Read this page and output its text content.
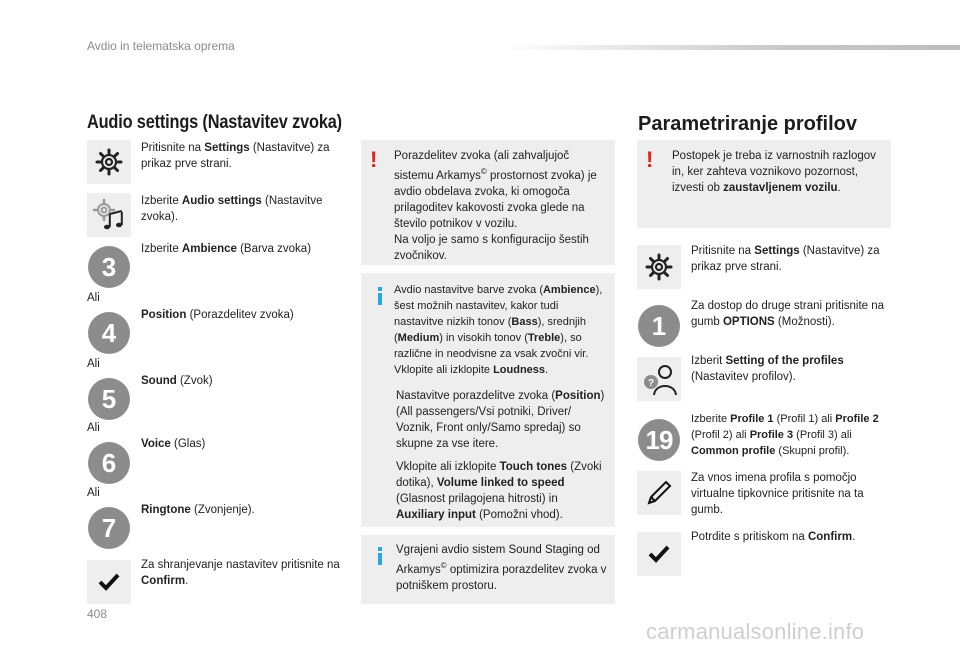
Avdio in telematska oprema
Audio settings (Nastavitev zvoka)
Pritisnite na Settings (Nastavitve) za prikaz prve strani.
Izberite Audio settings (Nastavitve zvoka).
3
Izberite Ambience (Barva zvoka)
Ali
4
Position (Porazdelitev zvoka)
Ali
5
Sound (Zvok)
Ali
6
Voice (Glas)
Ali
7
Ringtone (Zvonjenje).
Za shranjevanje nastavitev pritisnite na Confirm.
! Porazdelitev zvoka (ali zahvaljujoč sistemu Arkamys© prostornost zvoka) je avdio obdelava zvoka, ki omogoča prilagoditev kakovosti zvoka glede na število potnikov v vozilu.
Na voljo je samo s konfiguracijo šestih zvočnikov.
Avdio nastavitve barve zvoka (Ambience), šest možnih nastavitev, kakor tudi nastavitve nizkih tonov (Bass), srednjih (Medium) in visokih tonov (Treble), so različne in neodvisne za vsak zvočni vir. Vklopite ali izklopite Loudness.
Nastavitve porazdelitve zvoka (Position) (All passengers/Vsi potniki, Driver/ Voznik, Front only/Samo spredaj) so skupne za vse itere.
Vklopite ali izklopite Touch tones (Zvoki dotika), Volume linked to speed (Glasnost prilagojena hitrosti) in Auxiliary input (Pomožni vhod).
Vgrajeni avdio sistem Sound Staging od Arkamys© optimizira porazdelitev zvoka v potniškem prostoru.
Parametriranje profilov
! Postopek je treba iz varnostnih razlogov in, ker zahteva voznikovo pozornost, izvesti ob zaustavljenem vozilu.
Pritisnite na Settings (Nastavitve) za prikaz prve strani.
1
Za dostop do druge strani pritisnite na gumb OPTIONS (Možnosti).
?
Izberit Setting of the profiles (Nastavitev profilov).
19
Izberite Profile 1 (Profil 1) ali Profile 2 (Profil 2) ali Profile 3 (Profil 3) ali Common profile (Skupni profil).
Za vnos imena profila s pomočjo virtualne tipkovnice pritisnite na ta gumb.
Potrdite s pritiskom na Confirm.
408
carmanualsonline.info
